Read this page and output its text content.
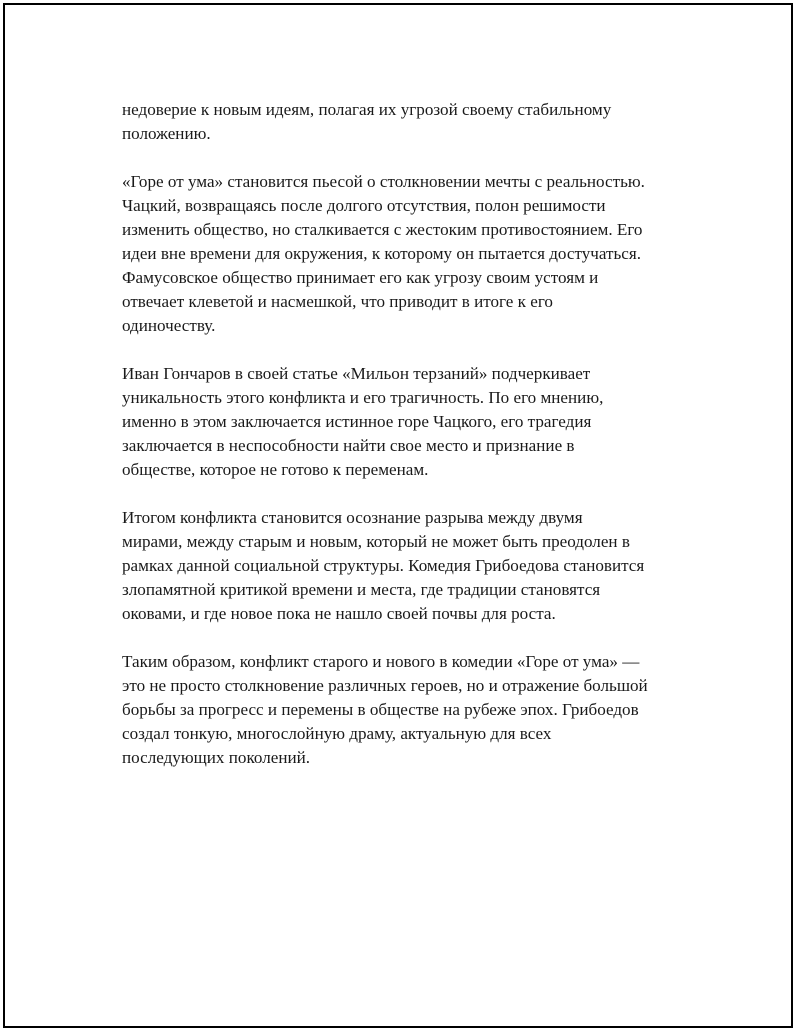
недоверие к новым идеям, полагая их угрозой своему стабильному
положению.

«Горе от ума» становится пьесой о столкновении мечты с реальностью.
Чацкий, возвращаясь после долгого отсутствия, полон решимости
изменить общество, но сталкивается с жестоким противостоянием. Его
идеи вне времени для окружения, к которому он пытается достучаться.
Фамусовское общество принимает его как угрозу своим устоям и
отвечает клеветой и насмешкой, что приводит в итоге к его
одиночеству.

Иван Гончаров в своей статье «Мильон терзаний» подчеркивает
уникальность этого конфликта и его трагичность. По его мнению,
именно в этом заключается истинное горе Чацкого, его трагедия
заключается в неспособности найти свое место и признание в
обществе, которое не готово к переменам.

Итогом конфликта становится осознание разрыва между двумя
мирами, между старым и новым, который не может быть преодолен в
рамках данной социальной структуры. Комедия Грибоедова становится
злопамятной критикой времени и места, где традиции становятся
оковами, и где новое пока не нашло своей почвы для роста.

Таким образом, конфликт старого и нового в комедии «Горе от ума» —
это не просто столкновение различных героев, но и отражение большой
борьбы за прогресс и перемены в обществе на рубеже эпох. Грибоедов
создал тонкую, многослойную драму, актуальную для всех
последующих поколений.
